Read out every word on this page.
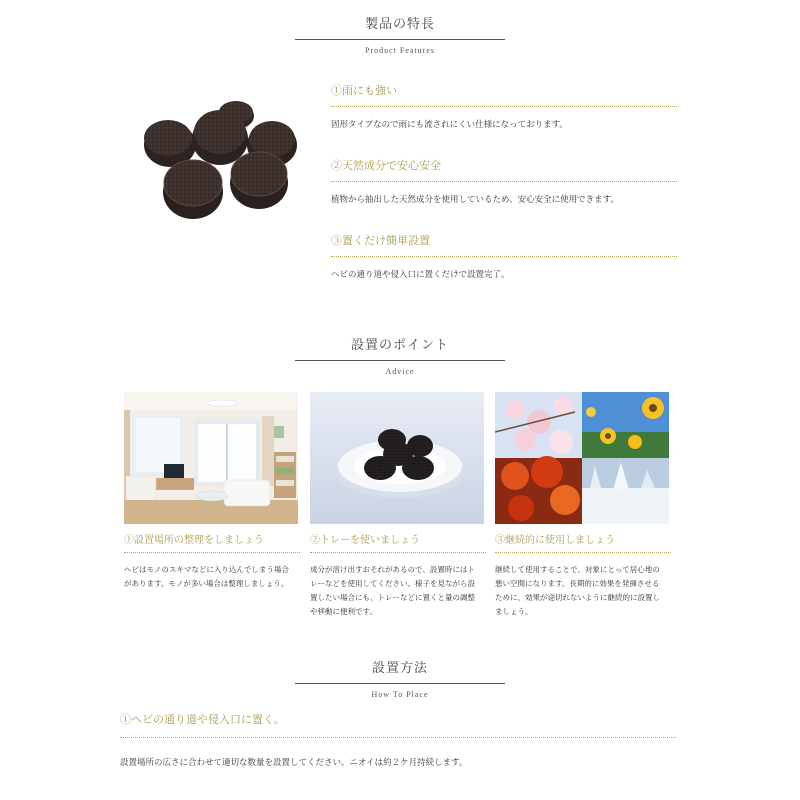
製品の特長
Product Features
①雨にも強い
固形タイプなので雨にも流されにくい仕様になっております。
②天然成分で安心安全
植物から抽出した天然成分を使用しているため、安心安全に使用できます。
③置くだけ簡単設置
ヘビの通り道や侵入口に置くだけで設置完了。
設置のポイント
Advice
①設置場所の整理をしましょう	②トレーを使いましょう	③継続的に使用しましょう
ヘビはモノのスキマなどに入り込んでしまう場合
があります。モノが多い場合は整理しましょう。
成分が溶け出すおそれがあるので、設置時にはト
レーなどを使用してください。様子を見ながら設
置したい場合にも、トレーなどに置くと量の調整
や移動に便利です。
継続して使用することで、対象にとって居心地の
悪い空間になります。長期的に効果を発揮させる
ために、効果が途切れないように継続的に設置し
ましょう。
設置方法
How To Place
①ヘビの通り道や侵入口に置く。
設置場所の広さに合わせて適切な数量を設置してください。ニオイは約２ケ月持続します。
